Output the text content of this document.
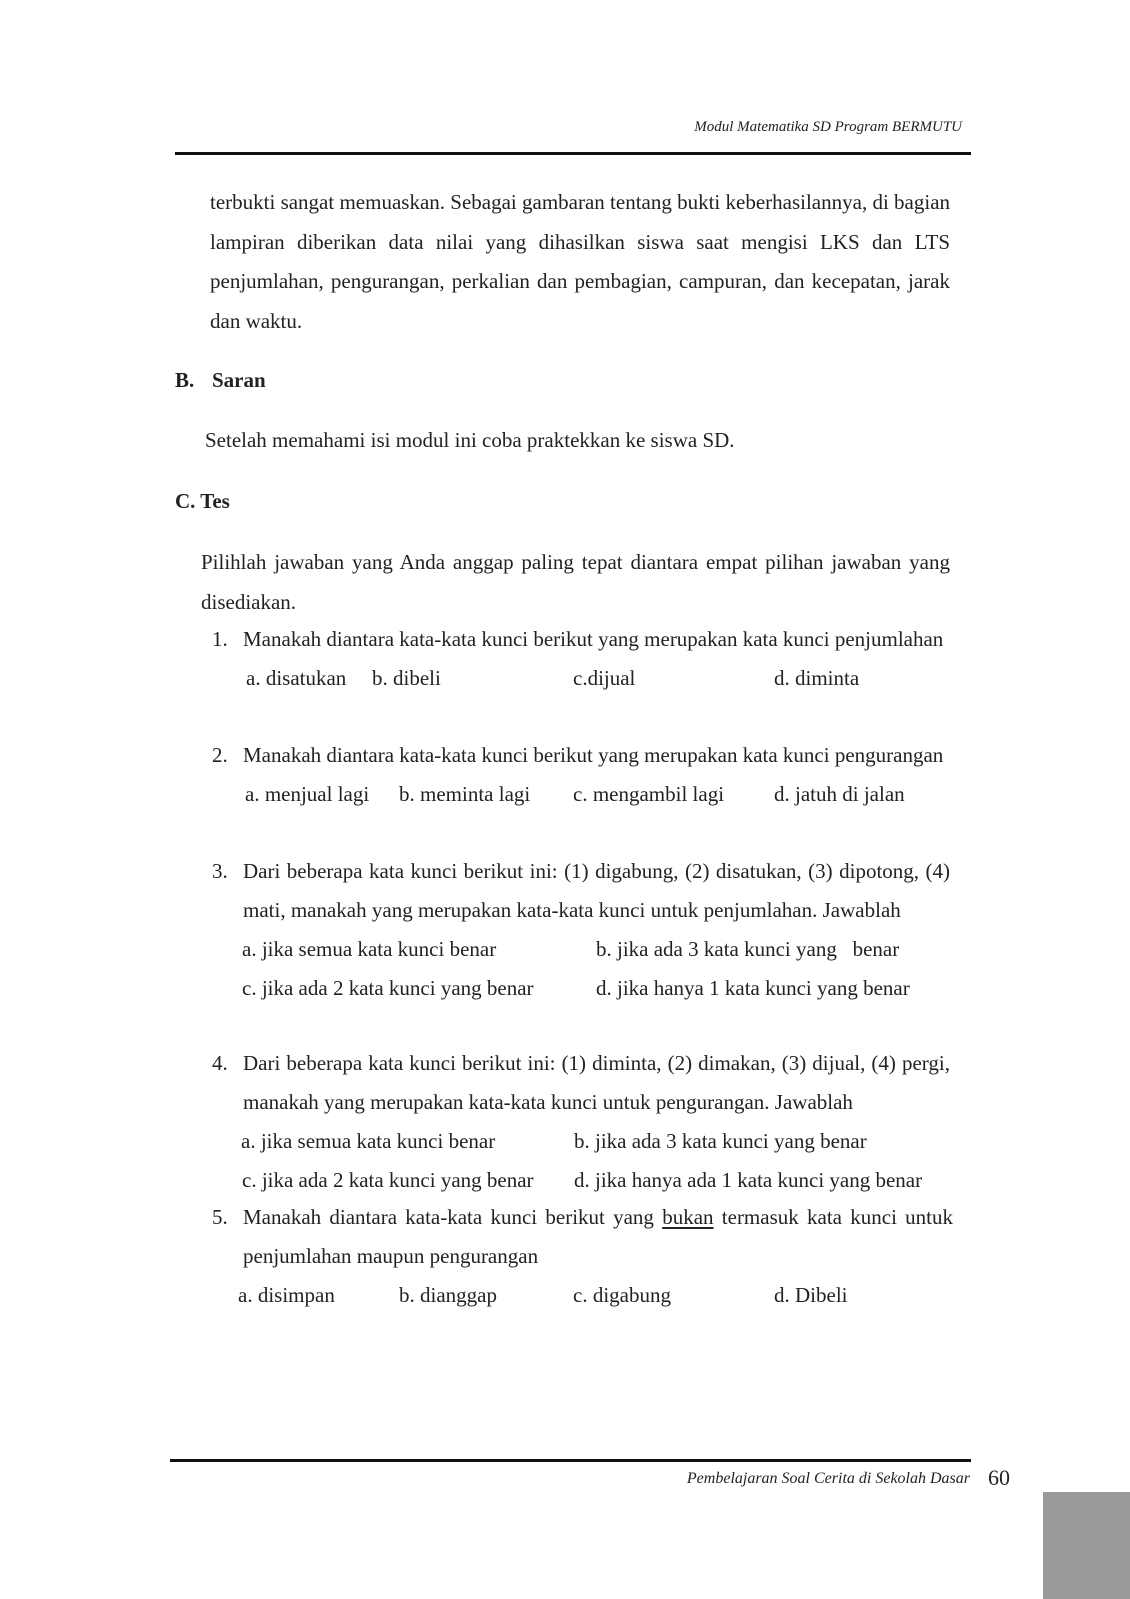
Modul Matematika SD Program BERMUTU
terbukti sangat memuaskan. Sebagai gambaran tentang bukti keberhasilannya, di bagian lampiran diberikan data nilai yang dihasilkan siswa saat mengisi LKS dan LTS penjumlahan, pengurangan, perkalian dan pembagian, campuran, dan kecepatan, jarak dan waktu.
B. Saran
Setelah memahami isi modul ini coba praktekkan ke siswa SD.
C. Tes
Pilihlah jawaban yang Anda anggap paling tepat diantara empat pilihan jawaban yang disediakan.
1. Manakah diantara kata-kata kunci berikut yang merupakan kata kunci penjumlahan
a. disatukan b. dibeli	c.dijual	d. diminta
2. Manakah diantara kata-kata kunci berikut yang merupakan kata kunci pengurangan
a. menjual lagi b. meminta lagi c. mengambil lagi d. jatuh di jalan
3. Dari beberapa kata kunci berikut ini: (1) digabung, (2) disatukan, (3) dipotong, (4) mati, manakah yang merupakan kata-kata kunci untuk penjumlahan. Jawablah
a. jika semua kata kunci benar	b. jika ada 3 kata kunci yang   benar
c. jika ada 2 kata kunci yang benar	d. jika hanya 1 kata kunci yang benar
4. Dari beberapa kata kunci berikut ini: (1) diminta, (2) dimakan, (3) dijual, (4) pergi, manakah yang merupakan kata-kata kunci untuk pengurangan. Jawablah
a. jika semua kata kunci benar	b. jika ada 3 kata kunci yang benar
c. jika ada 2 kata kunci yang benar d. jika hanya ada 1 kata kunci yang benar
5. Manakah diantara kata-kata kunci berikut yang bukan termasuk kata kunci untuk penjumlahan maupun pengurangan
a. disimpan	b. dianggap	c. digabung	d. Dibeli
Pembelajaran Soal Cerita di Sekolah Dasar 60
